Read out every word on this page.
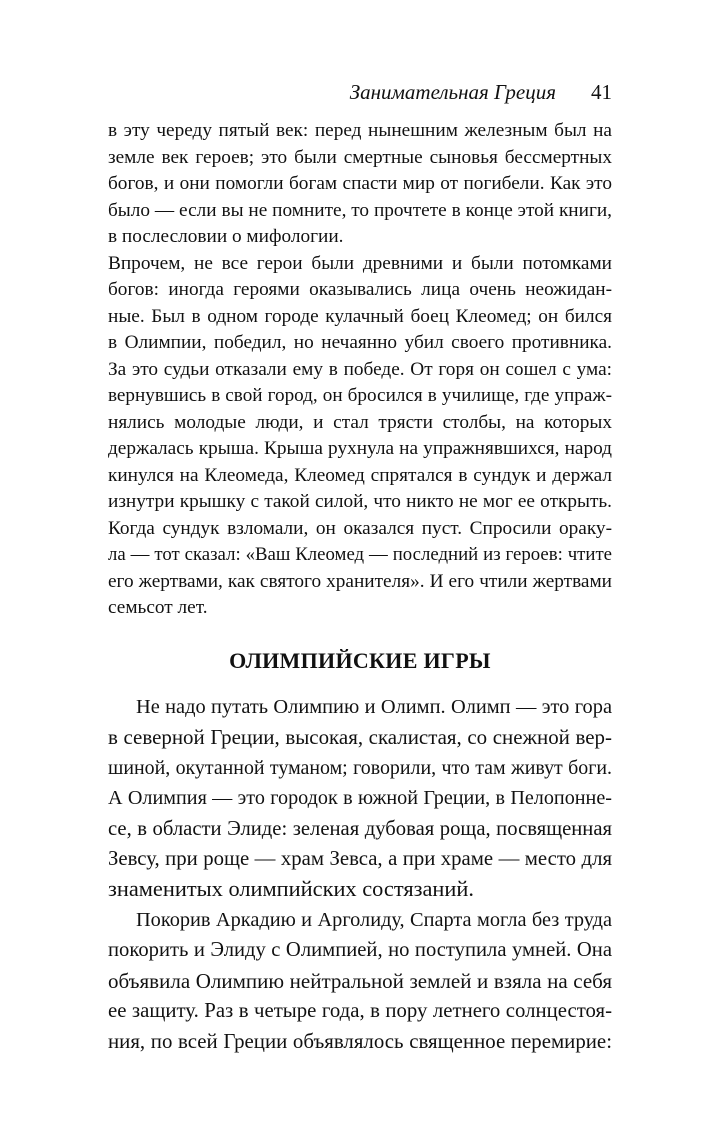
Занимательная Греция 41
в эту череду пятый век: перед нынешним железным был на
земле век героев; это были смертные сыновья бессмертных
богов, и они помогли богам спасти мир от погибели. Как это
было — если вы не помните, то прочтете в конце этой книги,
в послесловии о мифологии.
Впрочем, не все герои были древними и были потомками
богов: иногда героями оказывались лица очень неожидан-
ные. Был в одном городе кулачный боец Клеомед; он бился
в Олимпии, победил, но нечаянно убил своего противника.
За это судьи отказали ему в победе. От горя он сошел с ума:
вернувшись в свой город, он бросился в училище, где упраж-
нялись молодые люди, и стал трясти столбы, на которых
держалась крыша. Крыша рухнула на упражнявшихся, народ
кинулся на Клеомеда, Клеомед спрятался в сундук и держал
изнутри крышку с такой силой, что никто не мог ее открыть.
Когда сундук взломали, он оказался пуст. Спросили ораку-
ла — тот сказал: «Ваш Клеомед — последний из героев: чтите
его жертвами, как святого хранителя». И его чтили жертвами
семьсот лет.
ОЛИМПИЙСКИЕ ИГРЫ
Не надо путать Олимпию и Олимп. Олимп — это гора
в северной Греции, высокая, скалистая, со снежной вер-
шиной, окутанной туманом; говорили, что там живут боги.
А Олимпия — это городок в южной Греции, в Пелопонне-
се, в области Элиде: зеленая дубовая роща, посвященная
Зевсу, при роще — храм Зевса, а при храме — место для
знаменитых олимпийских состязаний.
Покорив Аркадию и Арголиду, Спарта могла без труда
покорить и Элиду с Олимпией, но поступила умней. Она
объявила Олимпию нейтральной землей и взяла на себя
ее защиту. Раз в четыре года, в пору летнего солнцестоя-
ния, по всей Греции объявлялось священное перемирие:
